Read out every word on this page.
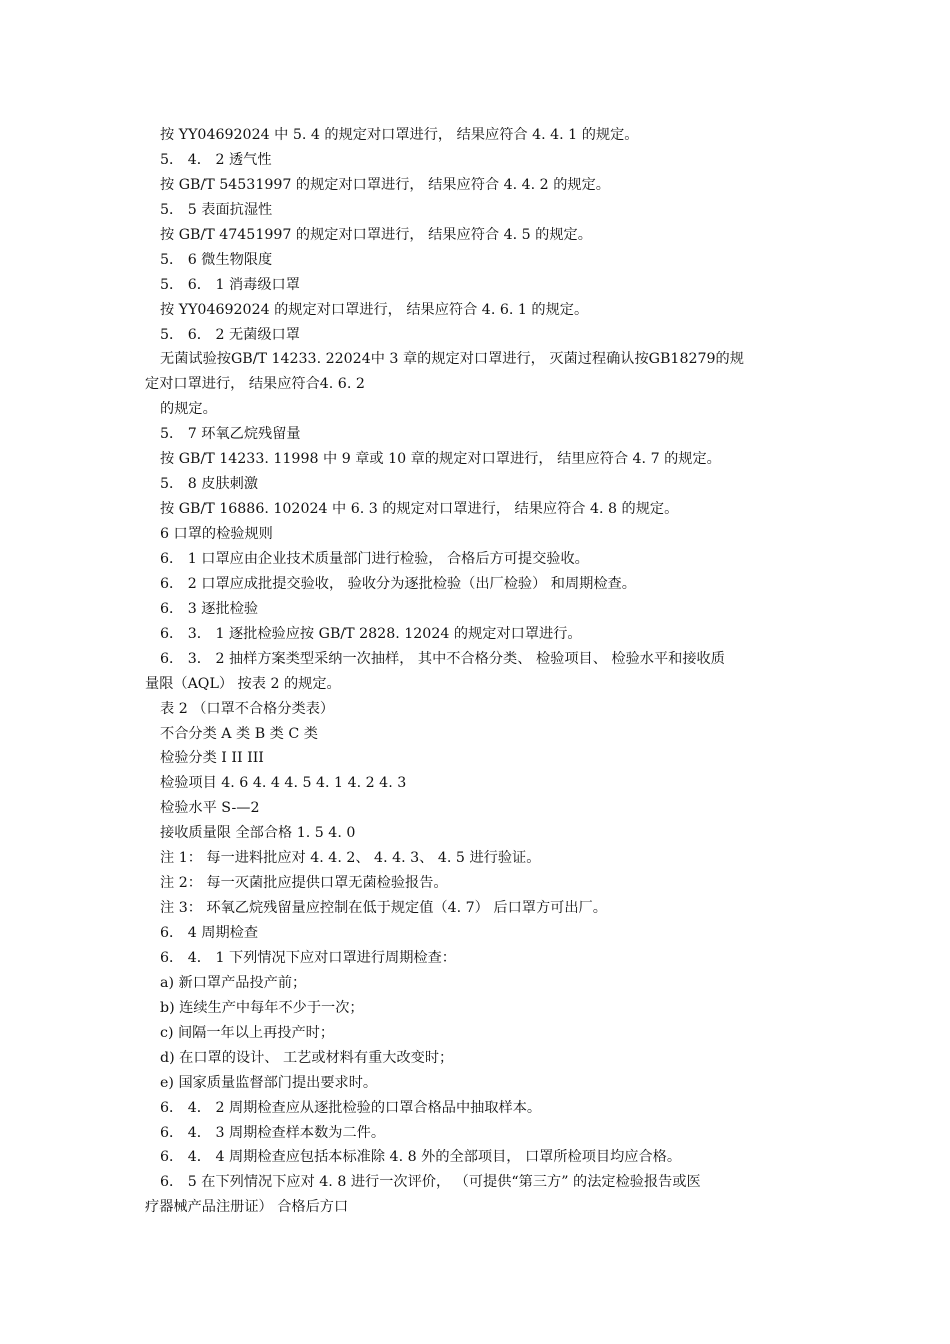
按 YY04692024 中 5. 4 的规定对口罩进行， 结果应符合 4. 4. 1 的规定。
5． 4． 2 透气性
按 GB/T 54531997 的规定对口罩进行， 结果应符合 4. 4. 2 的规定。
5． 5 表面抗湿性
按 GB/T 47451997 的规定对口罩进行， 结果应符合 4. 5 的规定。
5． 6 微生物限度
5． 6． 1 消毒级口罩
按 YY04692024 的规定对口罩进行， 结果应符合 4. 6. 1 的规定。
5． 6． 2 无菌级口罩
无菌试验按GB/T 14233. 22024中 3 章的规定对口罩进行， 灭菌过程确认按GB18279的规
定对口罩进行， 结果应符合4. 6. 2
的规定。
5． 7 环氧乙烷残留量
按 GB/T 14233. 11998 中 9 章或 10 章的规定对口罩进行， 结里应符合 4. 7 的规定。
5． 8 皮肤刺激
按 GB/T 16886. 102024 中 6. 3 的规定对口罩进行， 结果应符合 4. 8 的规定。
6 口罩的检验规则
6． 1 口罩应由企业技术质量部门进行检验， 合格后方可提交验收。
6． 2 口罩应成批提交验收， 验收分为逐批检验（出厂检验） 和周期检查。
6． 3 逐批检验
6． 3． 1 逐批检验应按 GB/T 2828. 12024 的规定对口罩进行。
6． 3． 2 抽样方案类型采纳一次抽样， 其中不合格分类、 检验项目、 检验水平和接收质
量限（AQL） 按表 2 的规定。
表 2 （口罩不合格分类表）
不合分类 A 类 B 类 C 类
检验分类 I II III
检验项目 4. 6 4. 4 4. 5 4. 1 4. 2 4. 3
检验水平 S-—2
接收质量限 全部合格 1. 5 4. 0
注 1： 每一进料批应对 4. 4. 2、 4. 4. 3、 4. 5 进行验证。
注 2： 每一灭菌批应提供口罩无菌检验报告。
注 3： 环氧乙烷残留量应控制在低于规定值（4. 7） 后口罩方可出厂。
6． 4 周期检查
6． 4． 1 下列情况下应对口罩进行周期检查：
a) 新口罩产品投产前；
b) 连续生产中每年不少于一次；
c) 间隔一年以上再投产时；
d) 在口罩的设计、 工艺或材料有重大改变时；
e) 国家质量监督部门提出要求时。
6． 4． 2 周期检查应从逐批检验的口罩合格品中抽取样本。
6． 4． 3 周期检查样本数为二件。
6． 4． 4 周期检查应包括本标准除 4. 8 外的全部项目， 口罩所检项目均应合格。
6． 5 在下列情况下应对 4. 8 进行一次评价， （可提供“第三方” 的法定检验报告或医
疗器械产品注册证） 合格后方口
